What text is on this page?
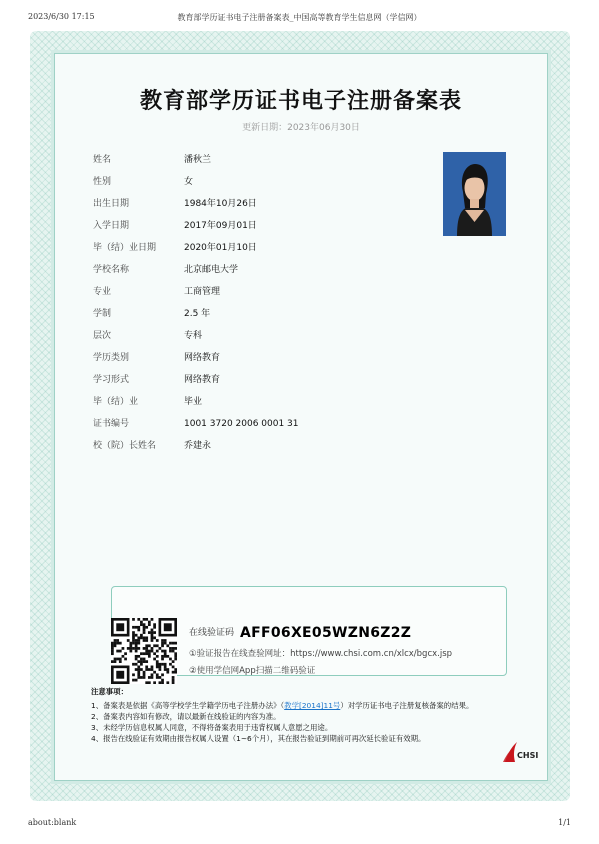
2023/6/30 17:15	教育部学历证书电子注册备案表_中国高等教育学生信息网（学信网）
教育部学历证书电子注册备案表
更新日期：2023年06月30日
姓名	潘秋兰
性别	女
出生日期	1984年10月26日
入学日期	2017年09月01日
毕（结）业日期	2020年01月10日
学校名称	北京邮电大学
专业	工商管理
学制	2.5 年
层次	专科
学历类别	网络教育
学习形式	网络教育
毕（结）业	毕业
证书编号	1001 3720 2006 0001 31
校（院）长姓名	乔建永
在线验证码 AFF06XE05WZN6Z2Z
①验证报告在线查验网址：https://www.chsi.com.cn/xlcx/bgcx.jsp
②使用学信网App扫描二维码验证
注意事项：
1、备案表是依据《高等学校学生学籍学历电子注册办法》（教学[2014]11号）对学历证书电子注册复核备案的结果。
2、备案表内容如有修改，请以最新在线验证的内容为准。
3、未经学历信息权属人同意，不得将备案表用于违背权属人意愿之用途。
4、报告在线验证有效期由报告权属人设置（1~6个月），其在报告验证到期前可再次延长验证有效期。
CHSI
about:blank	1/1
